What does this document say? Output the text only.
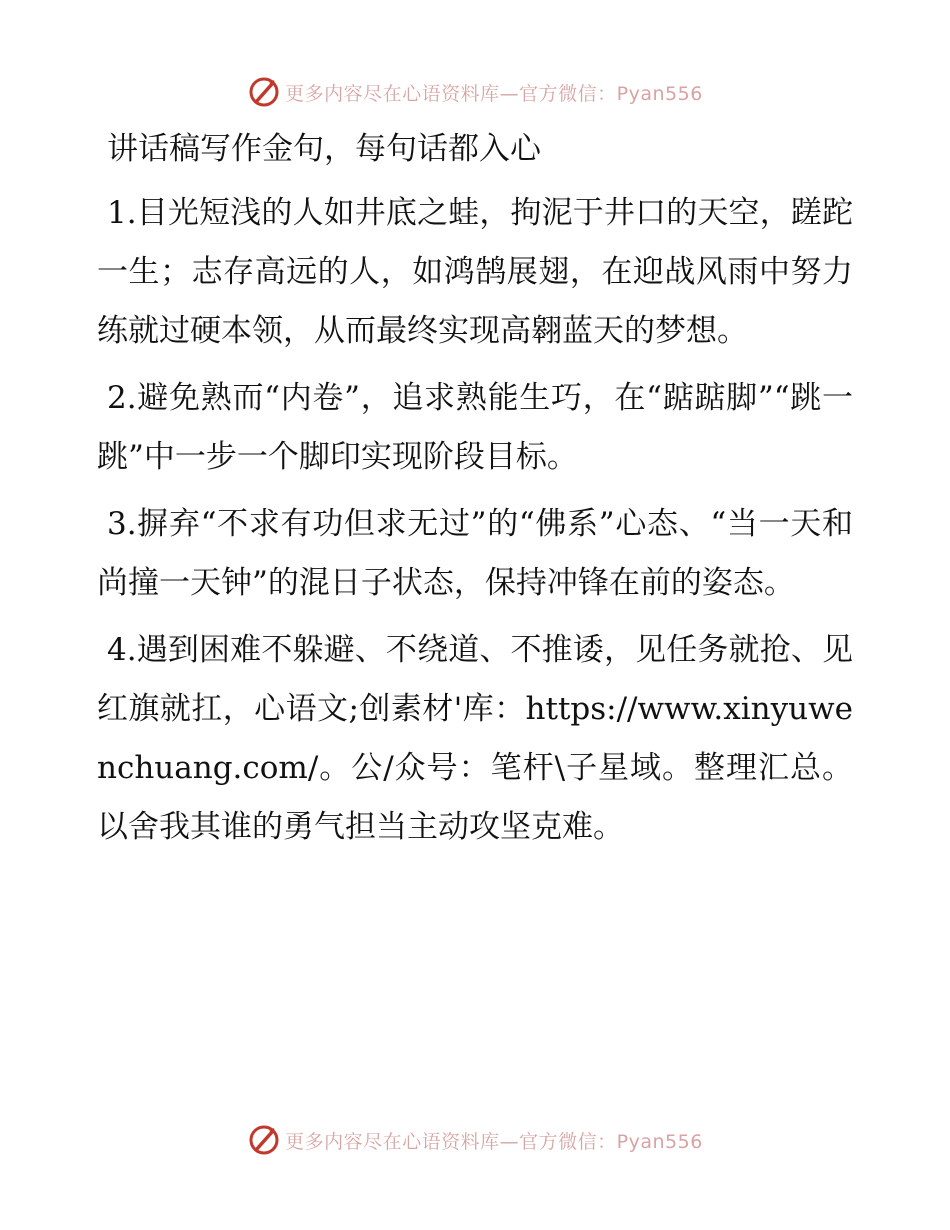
更多内容尽在心语资料库—官方微信：Pyan556
讲话稿写作金句，每句话都入心

1.目光短浅的人如井底之蛙，拘泥于井口的天空，蹉跎一生；志存高远的人，如鸿鹄展翅，在迎战风雨中努力练就过硬本领，从而最终实现高翱蓝天的梦想。

2.避免熟而“内卷”，追求熟能生巧，在“踮踮脚”“跳一跳”中一步一个脚印实现阶段目标。

3.摒弃“不求有功但求无过”的“佛系”心态、“当一天和尚撞一天钟”的混日子状态，保持冲锋在前的姿态。

4.遇到困难不躲避、不绕道、不推诿，见任务就抢、见红旗就扛，心语文;创素材'库：https://www.xinyuwenchuang.com/。公/众号：笔杆\子星域。整理汇总。以舍我其谁的勇气担当主动攻坚克难。

更多内容尽在心语资料库—官方微信：Pyan556
